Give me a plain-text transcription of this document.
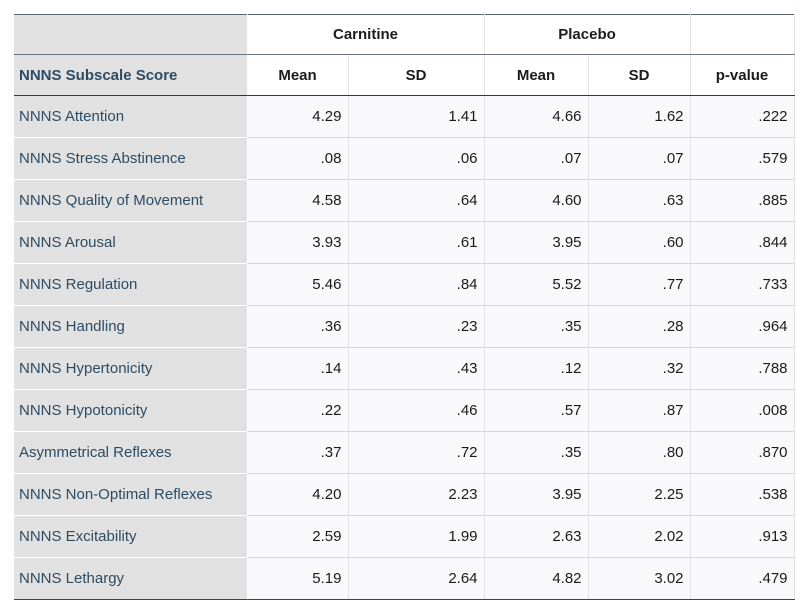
	Carnitine		Placebo		
NNNS Subscale Score	Mean	SD	Mean	SD	p-value
NNNS Attention	4.29	1.41	4.66	1.62	.222
NNNS Stress Abstinence	.08	.06	.07	.07	.579
NNNS Quality of Movement	4.58	.64	4.60	.63	.885
NNNS Arousal	3.93	.61	3.95	.60	.844
NNNS Regulation	5.46	.84	5.52	.77	.733
NNNS Handling	.36	.23	.35	.28	.964
NNNS Hypertonicity	.14	.43	.12	.32	.788
NNNS Hypotonicity	.22	.46	.57	.87	.008
Asymmetrical Reflexes	.37	.72	.35	.80	.870
NNNS Non-Optimal Reflexes	4.20	2.23	3.95	2.25	.538
NNNS Excitability	2.59	1.99	2.63	2.02	.913
NNNS Lethargy	5.19	2.64	4.82	3.02	.479
